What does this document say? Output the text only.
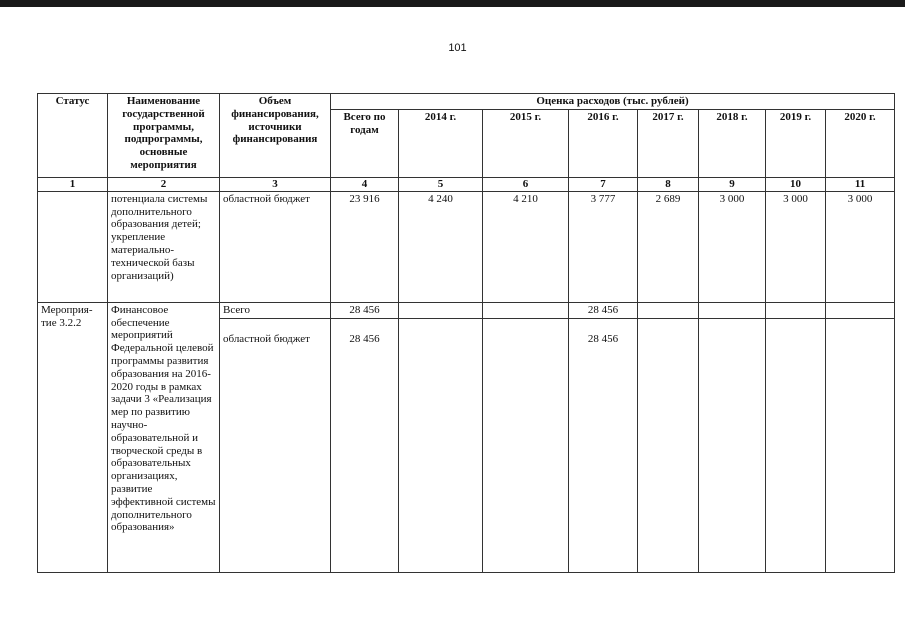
101
Статус	Наименование государственной программы, подпрограммы, основные мероприятия	Объем финансирования, источники финансирования	Оценка расходов (тыс. рублей)							
			Всего по годам	2014 г.	2015 г.	2016 г.	2017 г.	2018 г.	2019 г.	2020 г.
1	2	3	4	5	6	7	8	9	10	11
	потенциала системы дополнительного образования детей; укрепление материально-технической базы организаций)	областной бюджет	23 916	4 240	4 210	3 777	2 689	3 000	3 000	3 000
Мероприя-тие 3.2.2	Финансовое обеспечение мероприятий Федеральной целевой программы развития образования на 2016-2020 годы в рамках задачи 3 «Реализация мер по развитию научно-образовательной и творческой среды в образовательных организациях, развитие эффективной системы дополнительного образования»	Всего	28 456			28 456				
		областной бюджет	28 456			28 456				
